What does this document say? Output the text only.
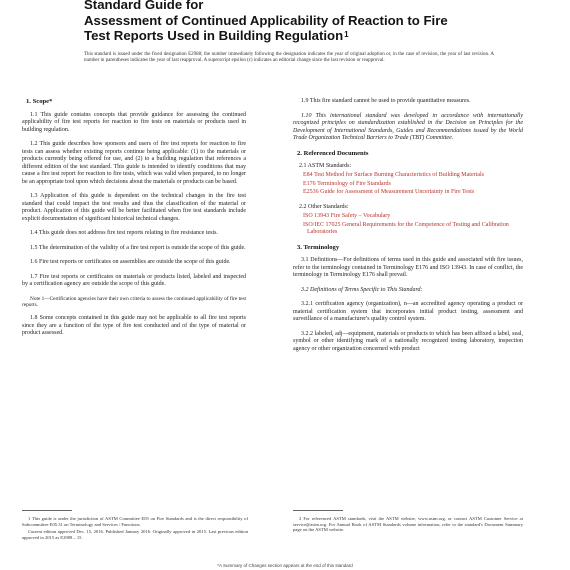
Standard Guide for
Assessment of Continued Applicability of Reaction to Fire
Test Reports Used in Building Regulation$^1$
This standard is issued under the fixed designation E2988; the number immediately following the designation indicates the year of original adoption or, in the case of revision, the year of last revision. A number in parentheses indicates the year of last reapproval. A superscript epsilon (ε) indicates an editorial change since the last revision or reapproval.
1. Scope*

1.1 This guide contains concepts that provide guidance for assessing the continued applicability of fire test reports for reaction to fire tests on materials or products used in building regulation.

1.2 This guide describes how sponsors and users of fire test reports for reaction to fire tests can assess whether existing reports continue being applicable: (1) to the materials or products currently being offered for use, and (2) to a building regulation that references a different edition of the test standard. This guide is intended to identify conditions that may cause a fire test report for reaction to fire tests, which was valid when prepared, to no longer be an appropriate tool upon which decisions about the materials or products can be based.

1.3 Application of this guide is dependent on the technical changes in the fire test standard that could impact the test results and thus the classification of the material or product. Application of this guide will be better facilitated when fire test standards include explicit documentation of significant historical technical changes.

1.4 This guide does not address fire test reports relating to fire resistance tests.

1.5 The determination of the validity of a fire test report is outside the scope of this guide.

1.6 Fire test reports or certificates on assemblies are outside the scope of this guide.

1.7 Fire test reports or certificates on materials or products listed, labeled and inspected by a certification agency are outside the scope of this guide.

Note 1—Certification agencies have their own criteria to assess the continued applicability of fire test reports.

1.8 Some concepts contained in this guide may not be applicable to all fire test reports since they are a function of the type of fire test conducted and of the type of material or product assessed.

1.9 This fire standard cannot be used to provide quantitative measures.

1.10 This international standard was developed in accordance with internationally recognized principles on standardization established in the Decision on Principles for the Development of International Standards, Guides and Recommendations issued by the World Trade Organization Technical Barriers to Trade (TBT) Committee.

2. Referenced Documents
2.1 ASTM Standards:
E84 Test Method for Surface Burning Characteristics of Building Materials
E176 Terminology of Fire Standards
E2536 Guide for Assessment of Measurement Uncertainty in Fire Tests
2.2 Other Standards:
ISO 13943 Fire Safety – Vocabulary
ISO/IEC 17025 General Requirements for the Competence of Testing and Calibration Laboratories
3. Terminology

3.1 Definitions—For definitions of terms used in this guide and associated with fire issues, refer to the terminology contained in Terminology E176 and ISO 13943. In case of conflict, the terminology in Terminology E176 shall prevail.

3.2 Definitions of Terms Specific to This Standard:

3.2.1 certification agency (organization), n—an accredited agency operating a product or material certification system that incorporates initial product testing, assessment and surveillance of a manufacturer's quality control system.

3.2.2 labeled, adj—equipment, materials or products to which has been affixed a label, seal, symbol or other identifying mark of a nationally recognized testing laboratory, inspection agency or other organization concerned with product

1 This guide is under the jurisdiction of ASTM Committee E05 on Fire Standards and is the direct responsibility of Subcommittee E05.31 on Terminology and Services / Functions.

Current edition approved Dec. 15, 2016. Published January 2016. Originally approved in 2015. Last previous edition approved in 2015 as E2988 – 15.

2 For referenced ASTM standards, visit the ASTM website, www.astm.org, or contact ASTM Customer Service at service@astm.org. For Annual Book of ASTM Standards volume information, refer to the standard's Document Summary page on the ASTM website.

*A Summary of Changes section appears at the end of this standard
